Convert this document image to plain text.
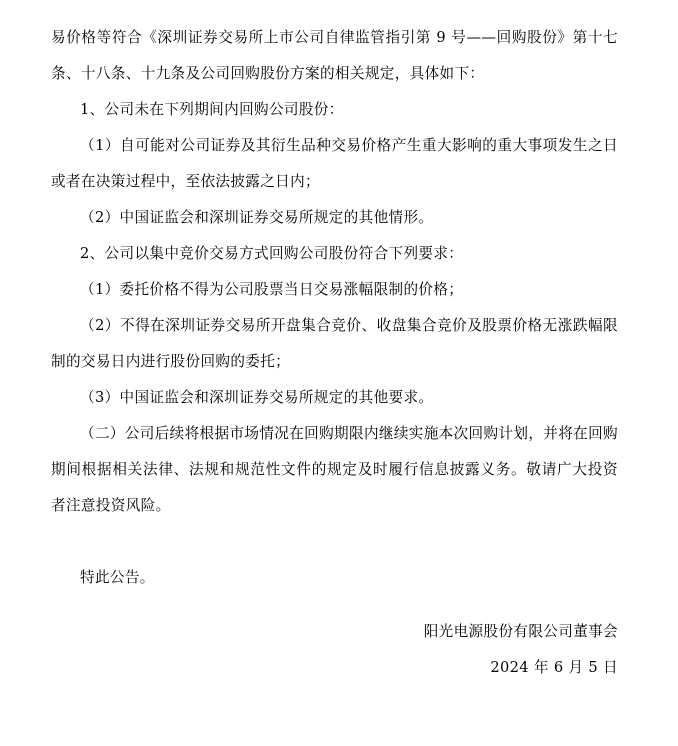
易价格等符合《深圳证券交易所上市公司自律监管指引第 9 号——回购股份》第十七条、十八条、十九条及公司回购股份方案的相关规定，具体如下：

1、公司未在下列期间内回购公司股份：

（1）自可能对公司证券及其衍生品种交易价格产生重大影响的重大事项发生之日或者在决策过程中，至依法披露之日内；

（2）中国证监会和深圳证券交易所规定的其他情形。

2、公司以集中竞价交易方式回购公司股份符合下列要求：

（1）委托价格不得为公司股票当日交易涨幅限制的价格；

（2）不得在深圳证券交易所开盘集合竞价、收盘集合竞价及股票价格无涨跌幅限制的交易日内进行股份回购的委托；

（3）中国证监会和深圳证券交易所规定的其他要求。

（二）公司后续将根据市场情况在回购期限内继续实施本次回购计划，并将在回购期间根据相关法律、法规和规范性文件的规定及时履行信息披露义务。敬请广大投资者注意投资风险。

特此公告。

阳光电源股份有限公司董事会

2024 年 6 月 5 日
